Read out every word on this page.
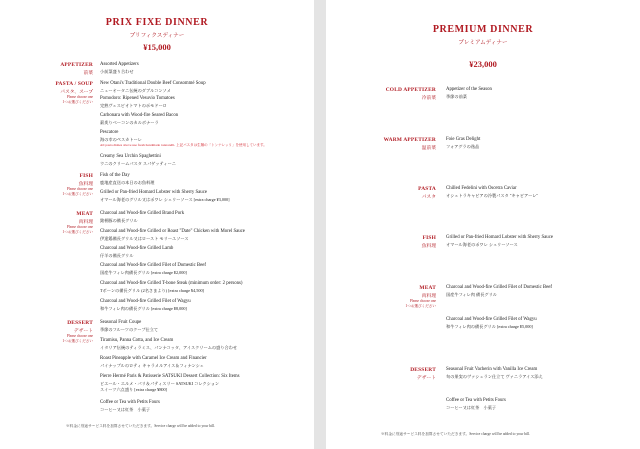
PRIX FIXE DINNER
プリフィクスディナー
¥15,000
APPETIZER
前菜
Assorted Appetizers
小前菜盛り合わせ
PASTA / SOUP
パスタ、スープ
Please choose one
1つお選びください
New Otani's Traditional Double Beef Consommé Soup
ニューオータニ伝統のダブルコンソメ
Pomodoro: Ripened Vesuvio Tomatoes
完熟ヴェスビオトマトのポモドーロ
Carbonara with Wood-fire Seared Bacon
薪炙りベーコンのカルボナーラ
Pescatore
海の幸のペスカトーレ
All pasta dishes above use fresh handmade tonnarelli. 上記パスタは生麺の「トンナレッリ」を使用しています。
Creamy Sea Urchin Spaghettini
ウニのクリームパスタ スパゲッティーニ
FISH
魚料理
Please choose one
1つお選びください
Fish of the Day
鹿地産直送の本日のお魚料理
Grilled or Pan-fried Homard Lobster with Sherry Sauce
オマール海老のグリル又はポワレ シェリーソース [extra charge ¥3,000]
MEAT
肉料理
Please choose one
1つお選びください
Charcoal and Wood-fire Grilled Brand Pork
銘柄豚の備長グリル
Charcoal and Wood-fire Grilled or Roast "Date" Chicken with Morel Sauce
伊達鶏備長グリル又はロースト モリーユソース
Charcoal and Wood-fire Grilled Lamb
仔羊の備長グリル
Charcoal and Wood-fire Grilled Filet of Domestic Beef
国産牛フィレ肉備長グリル [extra charge ¥2,000]
Charcoal and Wood-fire Grilled T-bone Steak (minimum order: 2 persons)
Tボーンの備長グリル (2名さまより) [extra charge ¥4,500]
Charcoal and Wood-fire Grilled Filet of Wagyu
和牛フィレ肉の備長グリル [extra charge ¥8,000]
DESSERT
デザート
Please choose one
1つお選びください
Seasonal Fruit Coupe
季節のフルーツのクープ仕立て
Tiramisu, Panna Cotta, and Ice Cream
イタリア伝統のティラミス、パンナコッタ、アイスクリームの盛り合わせ
Roast Pineapple with Caramel Ice Cream and Financier
パイナップルのロティ キャラメルアイス＆フィナンシェ
Pierre Hermé Paris & Patisserie SATSUKI Dessert Collection: Six Items
ピエール・エルメ・パリ＆パティスリー SATSUKI コレクション
スイーツ六点盛り [extra charge ¥800]
Coffee or Tea with Petits Fours
コーヒー又は紅茶　小菓子
※料金に別途サービス料を加算させていただきます。Service charge will be added to your bill.
PREMIUM DINNER
プレミアムディナー
¥23,000
COLD APPETIZER
冷前菜
Appetizer of the Season
季節の前菜
WARM APPETIZER
温前菜
Foie Gras Delight
フォアグラの逸品
PASTA
パスタ
Chilled Fedelini with Oscetra Caviar
オシェトラキャビアの冷製パスタ "キャビアーレ"
FISH
魚料理
Grilled or Pan-fried Homard Lobster with Sherry Sauce
オマール海老のポワレ シェリーソース
MEAT
肉料理
Please choose one
1つお選びください
Charcoal and Wood-fire Grilled Filet of Domestic Beef
国産牛フィレ肉 備長グリル
Charcoal and Wood-fire Grilled Filet of Wagyu
和牛フィレ肉の備長グリル [extra charge ¥5,000]
DESSERT
デザート
Seasonal Fruit Vacherin with Vanilla Ice Cream
旬の果実のヴァシュラン仕立て ヴァニラアイス添え
Coffee or Tea with Petits Fours
コーヒー又は紅茶　小菓子
※料金に別途サービス料を加算させていただきます。Service charge will be added to your bill.
